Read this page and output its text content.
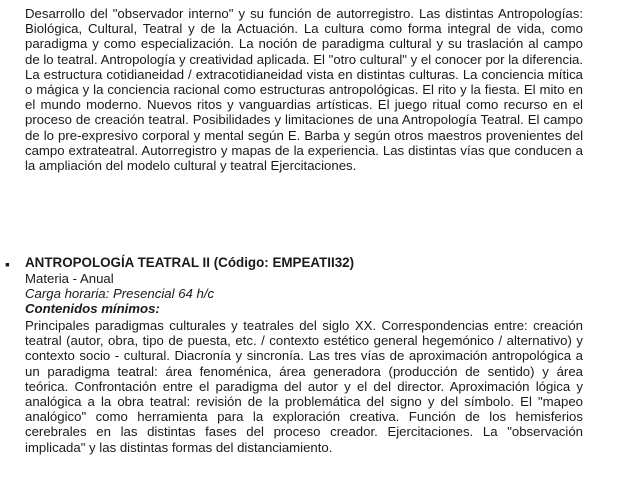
Desarrollo del "observador interno" y su función de autorregistro. Las distintas Antropologías: Biológica, Cultural, Teatral y de la Actuación. La cultura como forma integral de vida, como paradigma y como especialización. La noción de paradigma cultural y su traslación al campo de lo teatral. Antropología y creatividad aplicada. El "otro cultural" y el conocer por la diferencia. La estructura cotidianeidad / extracotidianeidad vista en distintas culturas. La conciencia mítica o mágica y la conciencia racional como estructuras antropológicas. El rito y la fiesta. El mito en el mundo moderno. Nuevos ritos y vanguardias artísticas. El juego ritual como recurso en el proceso de creación teatral. Posibilidades y limitaciones de una Antropología Teatral. El campo de lo pre-expresivo corporal y mental según E. Barba y según otros maestros provenientes del campo extrateatral. Autorregistro y mapas de la experiencia. Las distintas vías que conducen a la ampliación del modelo cultural y teatral Ejercitaciones.

▪ ANTROPOLOGÍA TEATRAL II (Código: EMPEATII32)

Materia - Anual

Carga horaria: Presencial 64 h/c

Contenidos mínimos:

Principales paradigmas culturales y teatrales del siglo XX. Correspondencias entre: creación teatral (autor, obra, tipo de puesta, etc. / contexto estético general hegemónico / alternativo) y contexto socio - cultural. Diacronía y sincronía. Las tres vías de aproximación antropológica a un paradigma teatral: área fenoménica, área generadora (producción de sentido) y área teórica. Confrontación entre el paradigma del autor y el del director. Aproximación lógica y analógica a la obra teatral: revisión de la problemática del signo y del símbolo. El "mapeo analógico" como herramienta para la exploración creativa. Función de los hemisferios cerebrales en las distintas fases del proceso creador. Ejercitaciones. La "observación implicada" y las distintas formas del distanciamiento.
